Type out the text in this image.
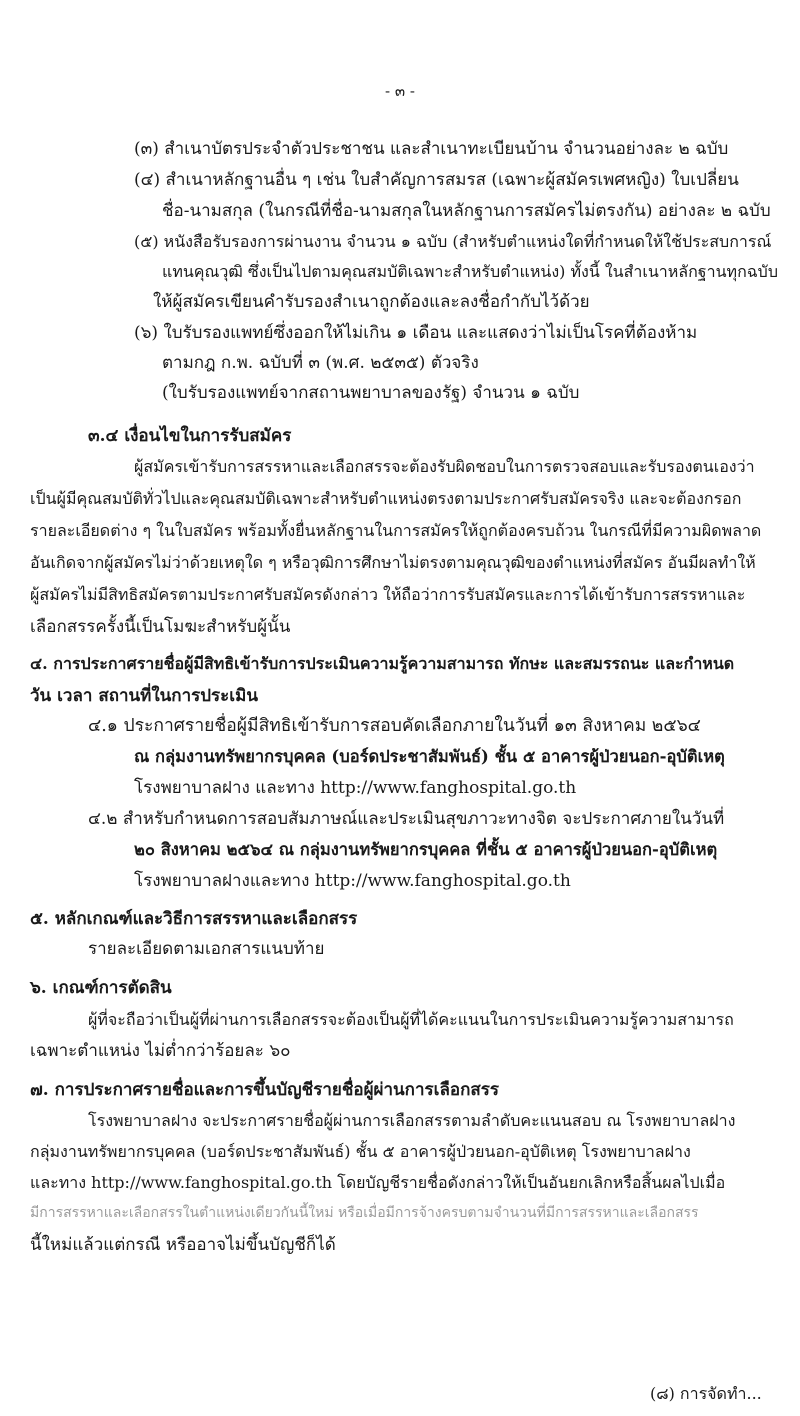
- ๓ -
(๓) สำเนาบัตรประจำตัวประชาชน และสำเนาทะเบียนบ้าน จำนวนอย่างละ ๒ ฉบับ
(๔) สำเนาหลักฐานอื่น ๆ เช่น ใบสำคัญการสมรส (เฉพาะผู้สมัครเพศหญิง) ใบเปลี่ยน
ชื่อ-นามสกุล (ในกรณีที่ชื่อ-นามสกุลในหลักฐานการสมัครไม่ตรงกัน) อย่างละ ๒ ฉบับ
(๕) หนังสือรับรองการผ่านงาน จำนวน ๑ ฉบับ (สำหรับตำแหน่งใดที่กำหนดให้ใช้ประสบการณ์
แทนคุณวุฒิ ซึ่งเป็นไปตามคุณสมบัติเฉพาะสำหรับตำแหน่ง) ทั้งนี้ ในสำเนาหลักฐานทุกฉบับ
ให้ผู้สมัครเขียนคำรับรองสำเนาถูกต้องและลงชื่อกำกับไว้ด้วย
(๖) ใบรับรองแพทย์ซึ่งออกให้ไม่เกิน ๑ เดือน และแสดงว่าไม่เป็นโรคที่ต้องห้าม
ตามกฎ ก.พ. ฉบับที่ ๓ (พ.ศ. ๒๕๓๕) ตัวจริง
(ใบรับรองแพทย์จากสถานพยาบาลของรัฐ) จำนวน ๑ ฉบับ
๓.๔ เงื่อนไขในการรับสมัคร
ผู้สมัครเข้ารับการสรรหาและเลือกสรรจะต้องรับผิดชอบในการตรวจสอบและรับรองตนเองว่า
เป็นผู้มีคุณสมบัติทั่วไปและคุณสมบัติเฉพาะสำหรับตำแหน่งตรงตามประกาศรับสมัครจริง และจะต้องกรอก
รายละเอียดต่าง ๆ ในใบสมัคร พร้อมทั้งยื่นหลักฐานในการสมัครให้ถูกต้องครบถ้วน ในกรณีที่มีความผิดพลาด
อันเกิดจากผู้สมัครไม่ว่าด้วยเหตุใด ๆ หรือวุฒิการศึกษาไม่ตรงตามคุณวุฒิของตำแหน่งที่สมัคร อันมีผลทำให้
ผู้สมัครไม่มีสิทธิสมัครตามประกาศรับสมัครดังกล่าว ให้ถือว่าการรับสมัครและการได้เข้ารับการสรรหาและ
เลือกสรรครั้งนี้เป็นโมฆะสำหรับผู้นั้น
๔. การประกาศรายชื่อผู้มีสิทธิเข้ารับการประเมินความรู้ความสามารถ ทักษะ และสมรรถนะ และกำหนด
วัน เวลา สถานที่ในการประเมิน
๔.๑ ประกาศรายชื่อผู้มีสิทธิเข้ารับการสอบคัดเลือกภายในวันที่ ๑๓ สิงหาคม ๒๕๖๔
ณ กลุ่มงานทรัพยากรบุคคล (บอร์ดประชาสัมพันธ์) ชั้น ๕ อาคารผู้ป่วยนอก-อุบัติเหตุ
โรงพยาบาลฝาง และทาง http://www.fanghospital.go.th
๔.๒ สำหรับกำหนดการสอบสัมภาษณ์และประเมินสุขภาวะทางจิต จะประกาศภายในวันที่
๒๐ สิงหาคม ๒๕๖๔ ณ กลุ่มงานทรัพยากรบุคคล ที่ชั้น ๕ อาคารผู้ป่วยนอก-อุบัติเหตุ
โรงพยาบาลฝางและทาง http://www.fanghospital.go.th
๕. หลักเกณฑ์และวิธีการสรรหาและเลือกสรร
รายละเอียดตามเอกสารแนบท้าย
๖. เกณฑ์การตัดสิน
ผู้ที่จะถือว่าเป็นผู้ที่ผ่านการเลือกสรรจะต้องเป็นผู้ที่ได้คะแนนในการประเมินความรู้ความสามารถ
เฉพาะตำแหน่ง ไม่ต่ำกว่าร้อยละ ๖๐
๗. การประกาศรายชื่อและการขึ้นบัญชีรายชื่อผู้ผ่านการเลือกสรร
โรงพยาบาลฝาง จะประกาศรายชื่อผู้ผ่านการเลือกสรรตามลำดับคะแนนสอบ ณ โรงพยาบาลฝาง
กลุ่มงานทรัพยากรบุคคล (บอร์ดประชาสัมพันธ์) ชั้น ๕ อาคารผู้ป่วยนอก-อุบัติเหตุ โรงพยาบาลฝาง
และทาง http://www.fanghospital.go.th โดยบัญชีรายชื่อดังกล่าวให้เป็นอันยกเลิกหรือสิ้นผลไปเมื่อ
มีการสรรหาและเลือกสรรในตำแหน่งเดียวกันนี้ใหม่ หรือเมื่อมีการจ้างครบตามจำนวนที่มีการสรรหาและเลือกสรร
นี้ใหม่แล้วแต่กรณี หรืออาจไม่ขึ้นบัญชีก็ได้
(๘) การจัดทำ...
